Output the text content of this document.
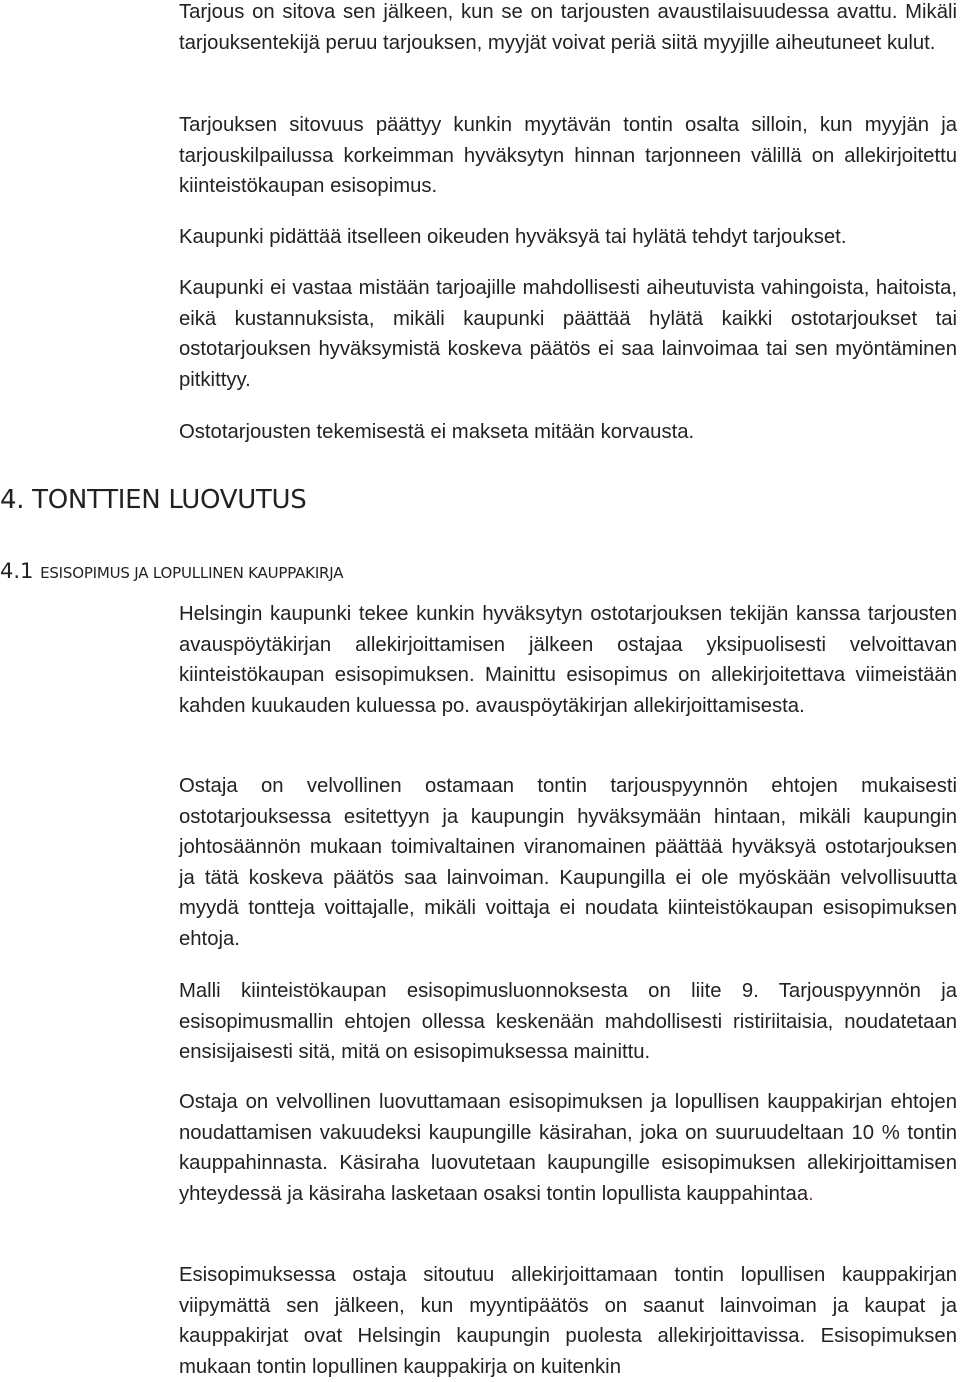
Tarjous on sitova sen jälkeen, kun se on tarjousten avaustilaisuudessa avattu. Mikäli tarjouksentekijä peruu tarjouksen, myyjät voivat periä siitä myyjille aiheutuneet kulut.

Tarjouksen sitovuus päättyy kunkin myytävän tontin osalta silloin, kun myyjän ja tarjouskilpailussa korkeimman hyväksytyn hinnan tarjonneen välillä on allekirjoitettu kiinteistökaupan esisopimus.

Kaupunki pidättää itselleen oikeuden hyväksyä tai hylätä tehdyt tarjoukset.

Kaupunki ei vastaa mistään tarjoajille mahdollisesti aiheutuvista vahingoista, haitoista, eikä kustannuksista, mikäli kaupunki päättää hylätä kaikki ostotarjoukset tai ostotarjouksen hyväksymistä koskeva päätös ei saa lainvoimaa tai sen myöntäminen pitkittyy.

Ostotarjousten tekemisestä ei makseta mitään korvausta.

4. TONTTIEN LUOVUTUS
4.1 ESISOPIMUS JA LOPULLINEN KAUPPAKIRJA

Helsingin kaupunki tekee kunkin hyväksytyn ostotarjouksen tekijän kanssa tarjousten avauspöytäkirjan allekirjoittamisen jälkeen ostajaa yksipuolisesti velvoittavan kiinteistökaupan esisopimuksen. Mainittu esisopimus on allekirjoitettava viimeistään kahden kuukauden kuluessa po. avauspöytäkirjan allekirjoittamisesta.

Ostaja on velvollinen ostamaan tontin tarjouspyynnön ehtojen mukaisesti ostotarjouksessa esitettyyn ja kaupungin hyväksymään hintaan, mikäli kaupungin johtosäännön mukaan toimivaltainen viranomainen päättää hyväksyä ostotarjouksen ja tätä koskeva päätös saa lainvoiman. Kaupungilla ei ole myöskään velvollisuutta myydä tontteja voittajalle, mikäli voittaja ei noudata kiinteistökaupan esisopimuksen ehtoja.

Malli kiinteistökaupan esisopimusluonnoksesta on liite 9. Tarjouspyynnön ja esisopimusmallin ehtojen ollessa keskenään mahdollisesti ristiriitaisia, noudatetaan ensisijaisesti sitä, mitä on esisopimuksessa mainittu.

Ostaja on velvollinen luovuttamaan esisopimuksen ja lopullisen kauppakirjan ehtojen noudattamisen vakuudeksi kaupungille käsirahan, joka on suuruudeltaan 10 % tontin kauppahinnasta. Käsiraha luovutetaan kaupungille esisopimuksen allekirjoittamisen yhteydessä ja käsiraha lasketaan osaksi tontin lopullista kauppahintaa.

Esisopimuksessa ostaja sitoutuu allekirjoittamaan tontin lopullisen kauppakirjan viipymättä sen jälkeen, kun myyntipäätös on saanut lainvoiman ja kaupat ja kauppakirjat ovat Helsingin kaupungin puolesta allekirjoittavissa. Esisopimuksen mukaan tontin lopullinen kauppakirja on kuitenkin
